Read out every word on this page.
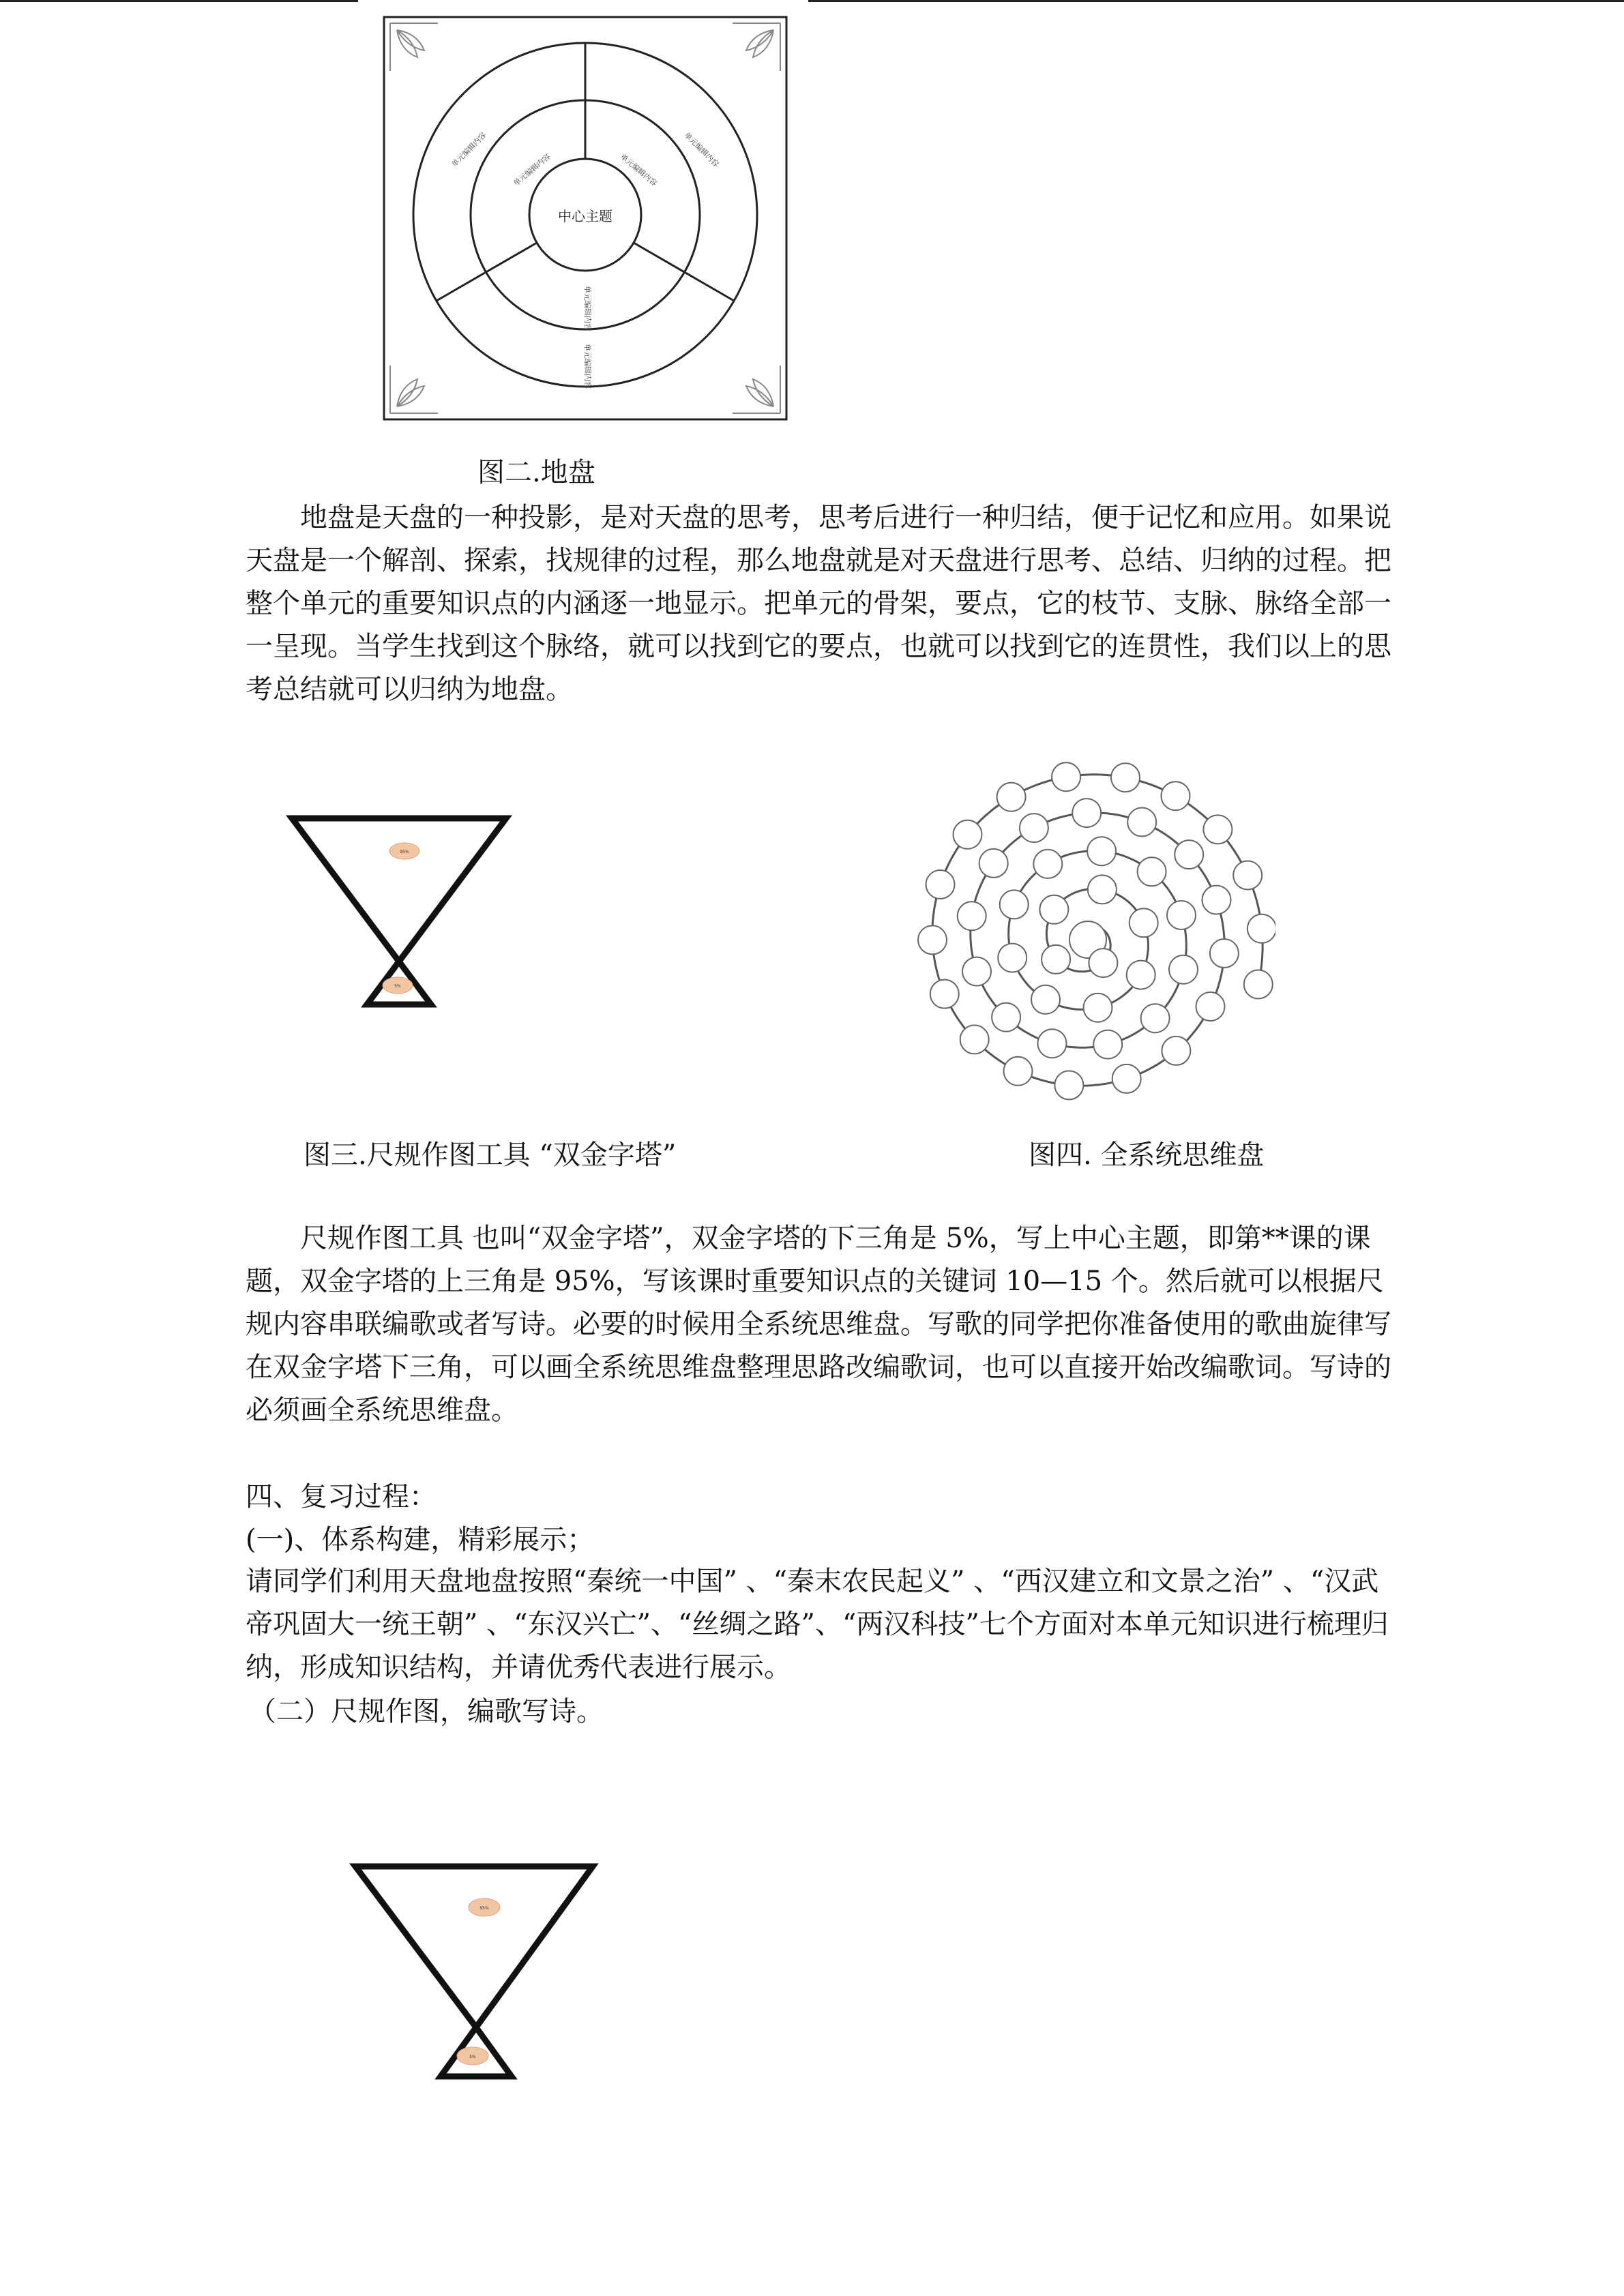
中心主题
单元编辑内容	单元编辑内容
单元编辑内容
单元编辑内容	单元编辑内容
单元编辑内容
图二.地盘

地盘是天盘的一种投影，是对天盘的思考，思考后进行一种归结，便于记忆和应用。如果说天盘是一个解剖、探索，找规律的过程，那么地盘就是对天盘进行思考、总结、归纳的过程。把整个单元的重要知识点的内涵逐一地显示。把单元的骨架，要点，它的枝节、支脉、脉络全部一一呈现。当学生找到这个脉络，就可以找到它的要点，也就可以找到它的连贯性，我们以上的思考总结就可以归纳为地盘。

95%
5%
图三.尺规作图工具 “双金字塔”	图四. 全系统思维盘

尺规作图工具 也叫“双金字塔”，双金字塔的下三角是 5%，写上中心主题，即第**课的课题，双金字塔的上三角是 95%，写该课时重要知识点的关键词 10—15 个。然后就可以根据尺规内容串联编歌或者写诗。必要的时候用全系统思维盘。写歌的同学把你准备使用的歌曲旋律写在双金字塔下三角，可以画全系统思维盘整理思路改编歌词，也可以直接开始改编歌词。写诗的必须画全系统思维盘。

四、复习过程：
(一)、体系构建，精彩展示；

请同学们利用天盘地盘按照“秦统一中国” 、“秦末农民起义” 、“西汉建立和文景之治” 、“汉武帝巩固大一统王朝” 、“东汉兴亡”、“丝绸之路”、“两汉科技”七个方面对本单元知识进行梳理归纳，形成知识结构，并请优秀代表进行展示。

（二）尺规作图，编歌写诗。
95%
5%
